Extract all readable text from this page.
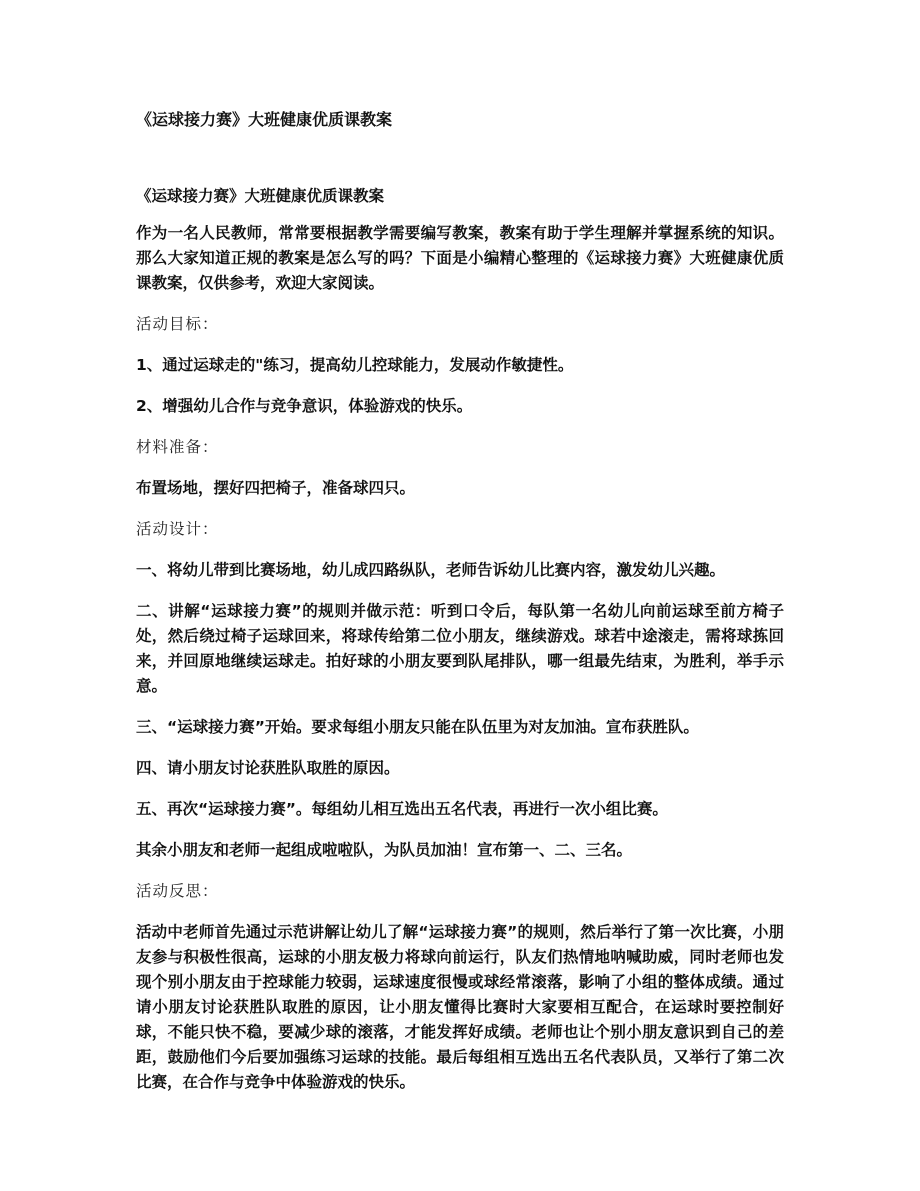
《运球接力赛》大班健康优质课教案

《运球接力赛》大班健康优质课教案

作为一名人民教师，常常要根据教学需要编写教案，教案有助于学生理解并掌握系统的知识。那么大家知道正规的教案是怎么写的吗？下面是小编精心整理的《运球接力赛》大班健康优质课教案，仅供参考，欢迎大家阅读。

活动目标：

1、通过运球走的"练习，提高幼儿控球能力，发展动作敏捷性。

2、增强幼儿合作与竞争意识，体验游戏的快乐。

材料准备：

布置场地，摆好四把椅子，准备球四只。

活动设计：

一、将幼儿带到比赛场地，幼儿成四路纵队，老师告诉幼儿比赛内容，激发幼儿兴趣。

二、讲解“运球接力赛”的规则并做示范：听到口令后，每队第一名幼儿向前运球至前方椅子处，然后绕过椅子运球回来，将球传给第二位小朋友，继续游戏。球若中途滚走，需将球拣回来，并回原地继续运球走。拍好球的小朋友要到队尾排队，哪一组最先结束，为胜利，举手示意。

三、“运球接力赛”开始。要求每组小朋友只能在队伍里为对友加油。宣布获胜队。

四、请小朋友讨论获胜队取胜的原因。

五、再次“运球接力赛”。每组幼儿相互选出五名代表，再进行一次小组比赛。

其余小朋友和老师一起组成啦啦队，为队员加油！宣布第一、二、三名。

活动反思：

活动中老师首先通过示范讲解让幼儿了解“运球接力赛”的规则，然后举行了第一次比赛，小朋友参与积极性很高，运球的小朋友极力将球向前运行，队友们热情地呐喊助威，同时老师也发现个别小朋友由于控球能力较弱，运球速度很慢或球经常滚落，影响了小组的整体成绩。通过请小朋友讨论获胜队取胜的原因，让小朋友懂得比赛时大家要相互配合，在运球时要控制好球，不能只快不稳，要减少球的滚落，才能发挥好成绩。老师也让个别小朋友意识到自己的差距，鼓励他们今后要加强练习运球的技能。最后每组相互选出五名代表队员，又举行了第二次比赛，在合作与竞争中体验游戏的快乐。
